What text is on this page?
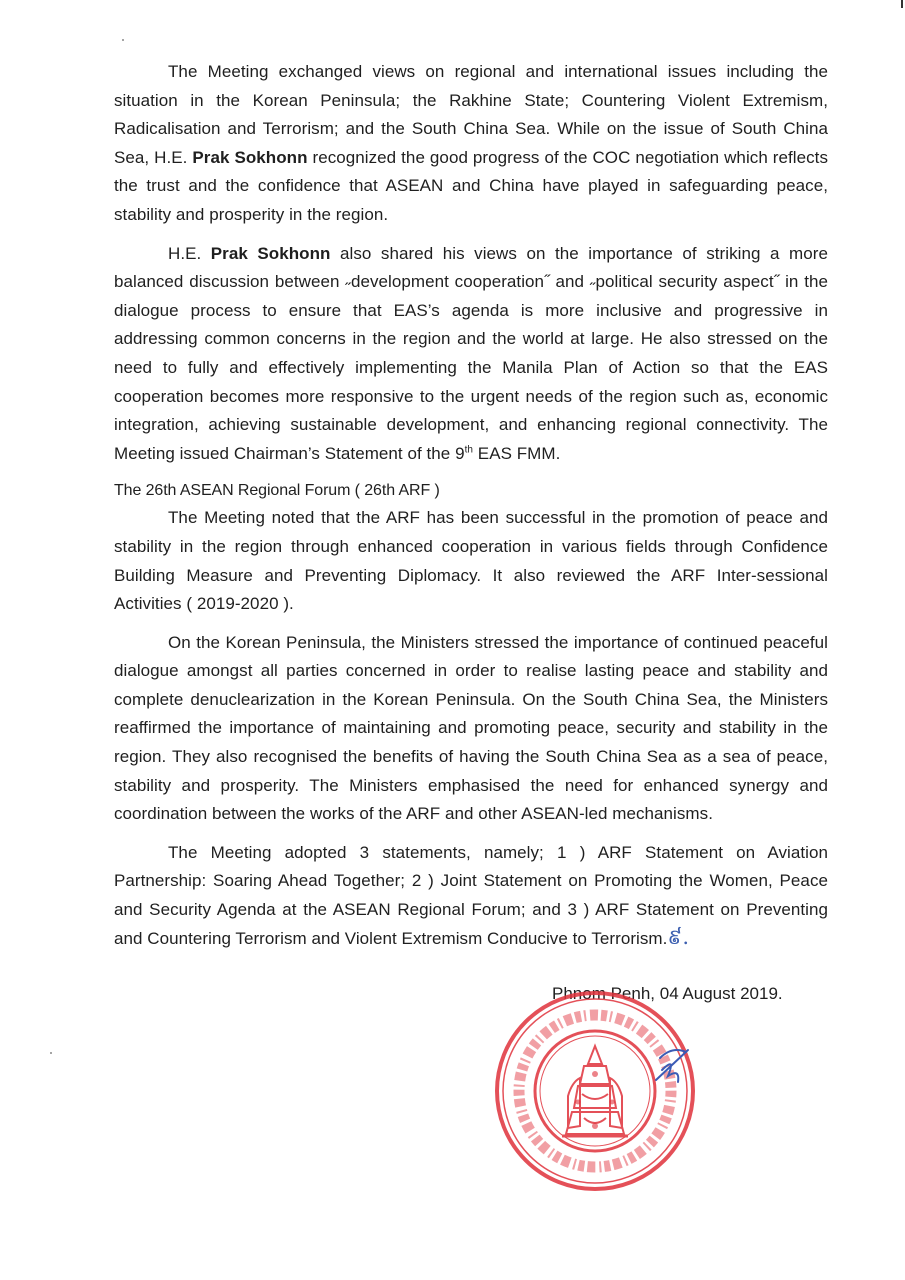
The Meeting exchanged views on regional and international issues including the situation in the Korean Peninsula; the Rakhine State; Countering Violent Extremism, Radicalisation and Terrorism; and the South China Sea. While on the issue of South China Sea, H.E. Prak Sokhonn recognized the good progress of the COC negotiation which reflects the trust and the confidence that ASEAN and China have played in safeguarding peace, stability and prosperity in the region.

H.E. Prak Sokhonn also shared his views on the importance of striking a more balanced discussion between ˶development cooperation˝ and ˶political security aspect˝ in the dialogue process to ensure that EAS’s agenda is more inclusive and progressive in addressing common concerns in the region and the world at large. He also stressed on the need to fully and effectively implementing the Manila Plan of Action so that the EAS cooperation becomes more responsive to the urgent needs of the region such as, economic integration, achieving sustainable development, and enhancing regional connectivity. The Meeting issued Chairman’s Statement of the 9th EAS FMM.

The 26th ASEAN Regional Forum ( 26th ARF )

The Meeting noted that the ARF has been successful in the promotion of peace and stability in the region through enhanced cooperation in various fields through Confidence Building Measure and Preventing Diplomacy. It also reviewed the ARF Inter-sessional Activities ( 2019-2020 ).

On the Korean Peninsula, the Ministers stressed the importance of continued peaceful dialogue amongst all parties concerned in order to realise lasting peace and stability and complete denuclearization in the Korean Peninsula. On the South China Sea, the Ministers reaffirmed the importance of maintaining and promoting peace, security and stability in the region. They also recognised the benefits of having the South China Sea as a sea of peace, stability and prosperity. The Ministers emphasised the need for enhanced synergy and coordination between the works of the ARF and other ASEAN-led mechanisms.

The Meeting adopted 3 statements, namely; 1 ) ARF Statement on Aviation Partnership: Soaring Ahead Together; 2 ) Joint Statement on Promoting the Women, Peace and Security Agenda at the ASEAN Regional Forum; and 3 ) ARF Statement on Preventing and Countering Terrorism and Violent Extremism Conducive to Terrorism.៩.

Phnom Penh, 04 August 2019.
